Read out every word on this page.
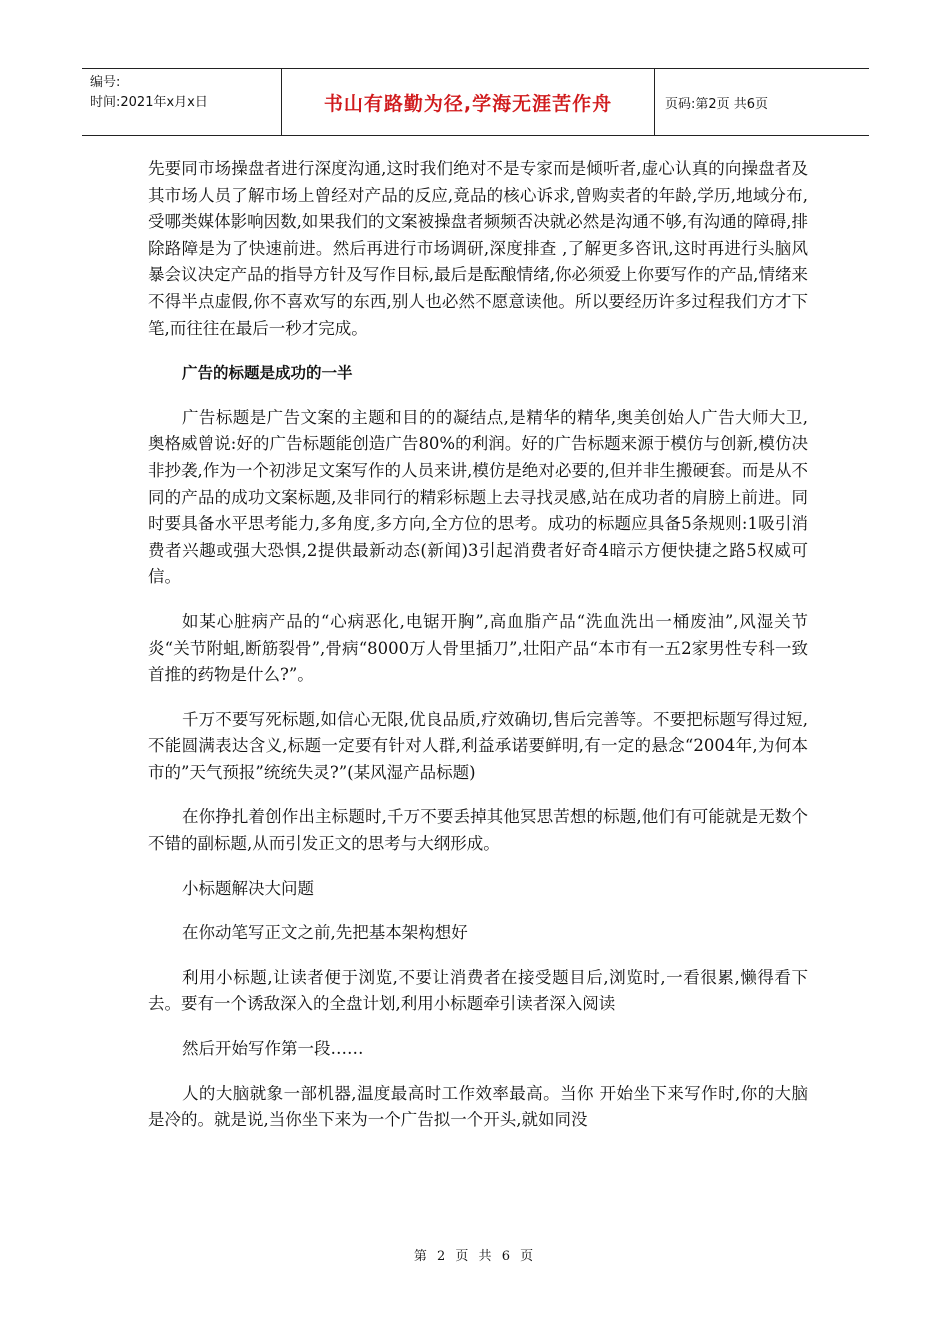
编号:
时间:2021年x月x日	书山有路勤为径,学海无涯苦作舟	页码:第2页 共6页

先要同市场操盘者进行深度沟通,这时我们绝对不是专家而是倾听者,虚心认真的向操盘者及其市场人员了解市场上曾经对产品的反应,竟品的核心诉求,曾购卖者的年龄,学历,地域分布,受哪类媒体影响因数,如果我们的文案被操盘者频频否决就必然是沟通不够,有沟通的障碍,排除路障是为了快速前进。然后再进行市场调研,深度排查 ,了解更多咨讯,这时再进行头脑风暴会议决定产品的指导方针及写作目标,最后是酝酿情绪,你必须爱上你要写作的产品,情绪来不得半点虚假,你不喜欢写的东西,别人也必然不愿意读他。所以要经历许多过程我们方才下笔,而往往在最后一秒才完成。

广告的标题是成功的一半

广告标题是广告文案的主题和目的的凝结点,是精华的精华,奥美创始人广告大师大卫,奥格威曾说:好的广告标题能创造广告80%的利润。好的广告标题来源于模仿与创新,模仿决非抄袭,作为一个初涉足文案写作的人员来讲,模仿是绝对必要的,但并非生搬硬套。而是从不同的产品的成功文案标题,及非同行的精彩标题上去寻找灵感,站在成功者的肩膀上前进。同时要具备水平思考能力,多角度,多方向,全方位的思考。成功的标题应具备5条规则:1吸引消费者兴趣或强大恐惧,2提供最新动态(新闻)3引起消费者好奇4暗示方便快捷之路5权威可信。

如某心脏病产品的“心病恶化,电锯开胸”,高血脂产品“洗血洗出一桶废油”,风湿关节炎“关节附蛆,断筋裂骨”,骨病“8000万人骨里插刀”,壮阳产品“本市有一五2家男性专科一致首推的药物是什么?”。

千万不要写死标题,如信心无限,优良品质,疗效确切,售后完善等。不要把标题写得过短,不能圆满表达含义,标题一定要有针对人群,利益承诺要鲜明,有一定的悬念“2004年,为何本市的”天气预报”统统失灵?”(某风湿产品标题)

在你挣扎着创作出主标题时,千万不要丢掉其他冥思苦想的标题,他们有可能就是无数个不错的副标题,从而引发正文的思考与大纲形成。

小标题解决大问题

在你动笔写正文之前,先把基本架构想好

利用小标题,让读者便于浏览,不要让消费者在接受题目后,浏览时,一看很累,懒得看下去。要有一个诱敌深入的全盘计划,利用小标题牵引读者深入阅读

然后开始写作第一段……

人的大脑就象一部机器,温度最高时工作效率最高。当你 开始坐下来写作时,你的大脑是冷的。就是说,当你坐下来为一个广告拟一个开头,就如同没

第 2 页 共 6 页
